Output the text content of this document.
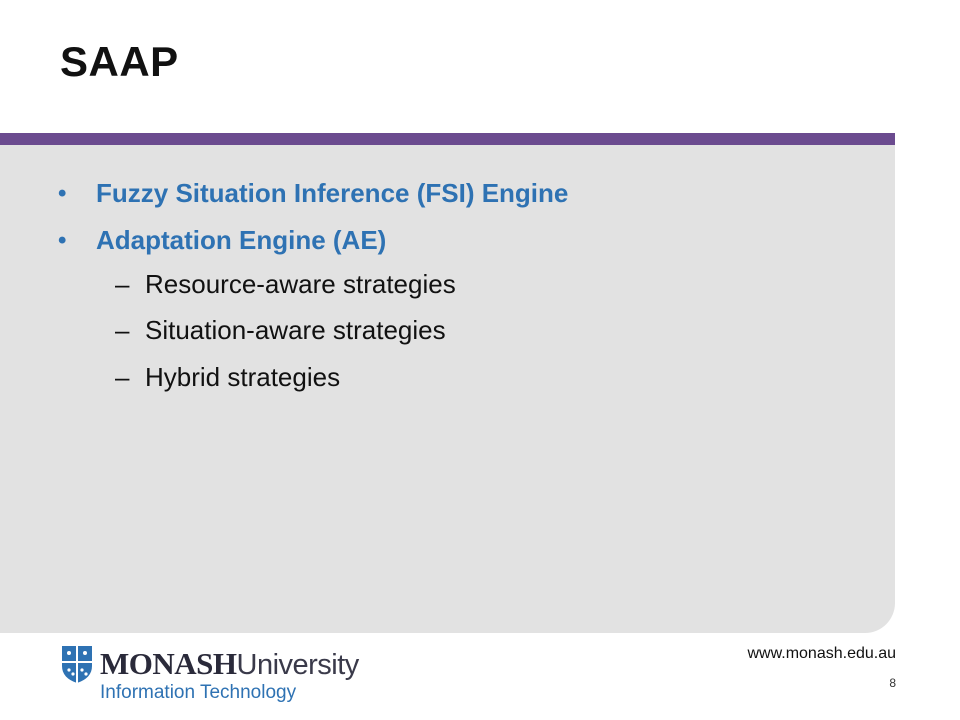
SAAP
•	Fuzzy Situation Inference (FSI) Engine
•	Adaptation Engine (AE)
– Resource-aware strategies
– Situation-aware strategies
– Hybrid strategies
MONASHUniversity
Information Technology
www.monash.edu.au
8
